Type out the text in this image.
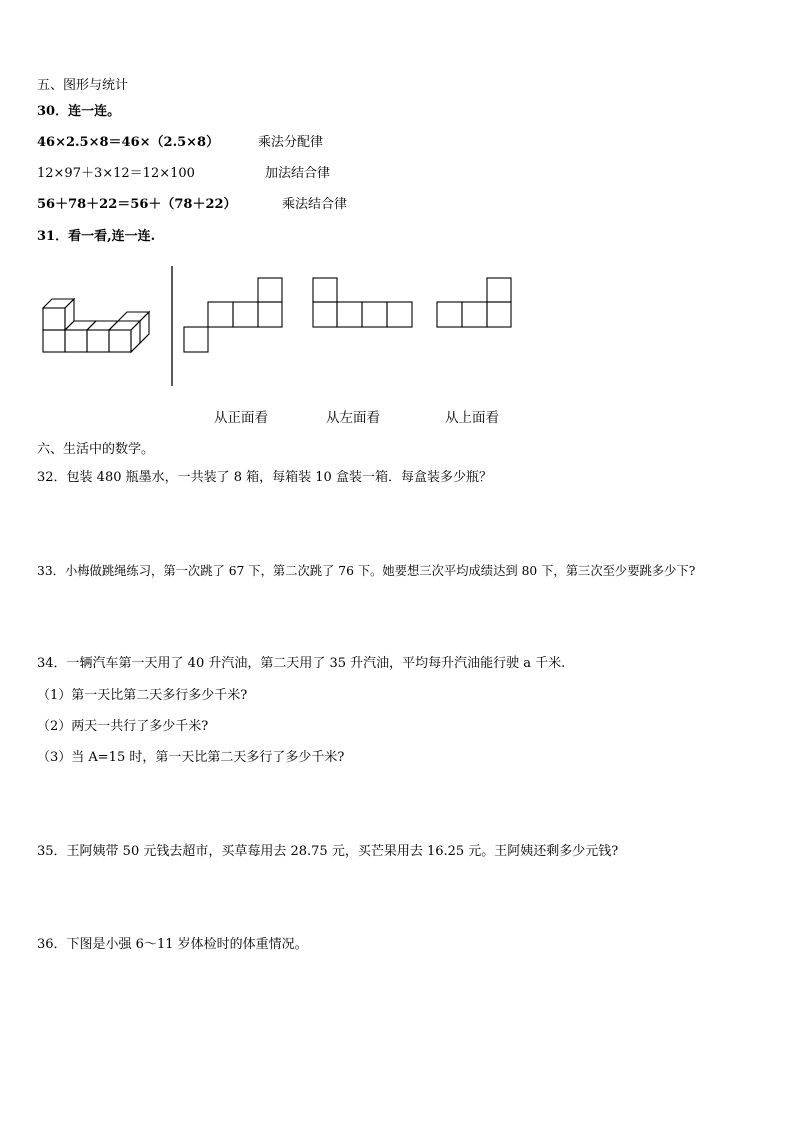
五、图形与统计
30．连一连。
46×2.5×8＝46×（2.5×8）	乘法分配律
12×97＋3×12＝12×100	加法结合律
56＋78＋22＝56＋（78＋22）	乘法结合律
31．看一看,连一连.
从正面看	从左面看	从上面看
六、生活中的数学。
32．包装 480 瓶墨水，一共装了 8 箱，每箱装 10 盒装一箱．每盒装多少瓶？
33．小梅做跳绳练习，第一次跳了 67 下，第二次跳了 76 下。她要想三次平均成绩达到 80 下，第三次至少要跳多少下?
34．一辆汽车第一天用了 40 升汽油，第二天用了 35 升汽油，平均每升汽油能行驶 a 千米.
（1）第一天比第二天多行多少千米?
（2）两天一共行了多少千米?
（3）当 A=15 时，第一天比第二天多行了多少千米?
35．王阿姨带 50 元钱去超市，买草莓用去 28.75 元，买芒果用去 16.25 元。王阿姨还剩多少元钱?
36．下图是小强 6～11 岁体检时的体重情况。
